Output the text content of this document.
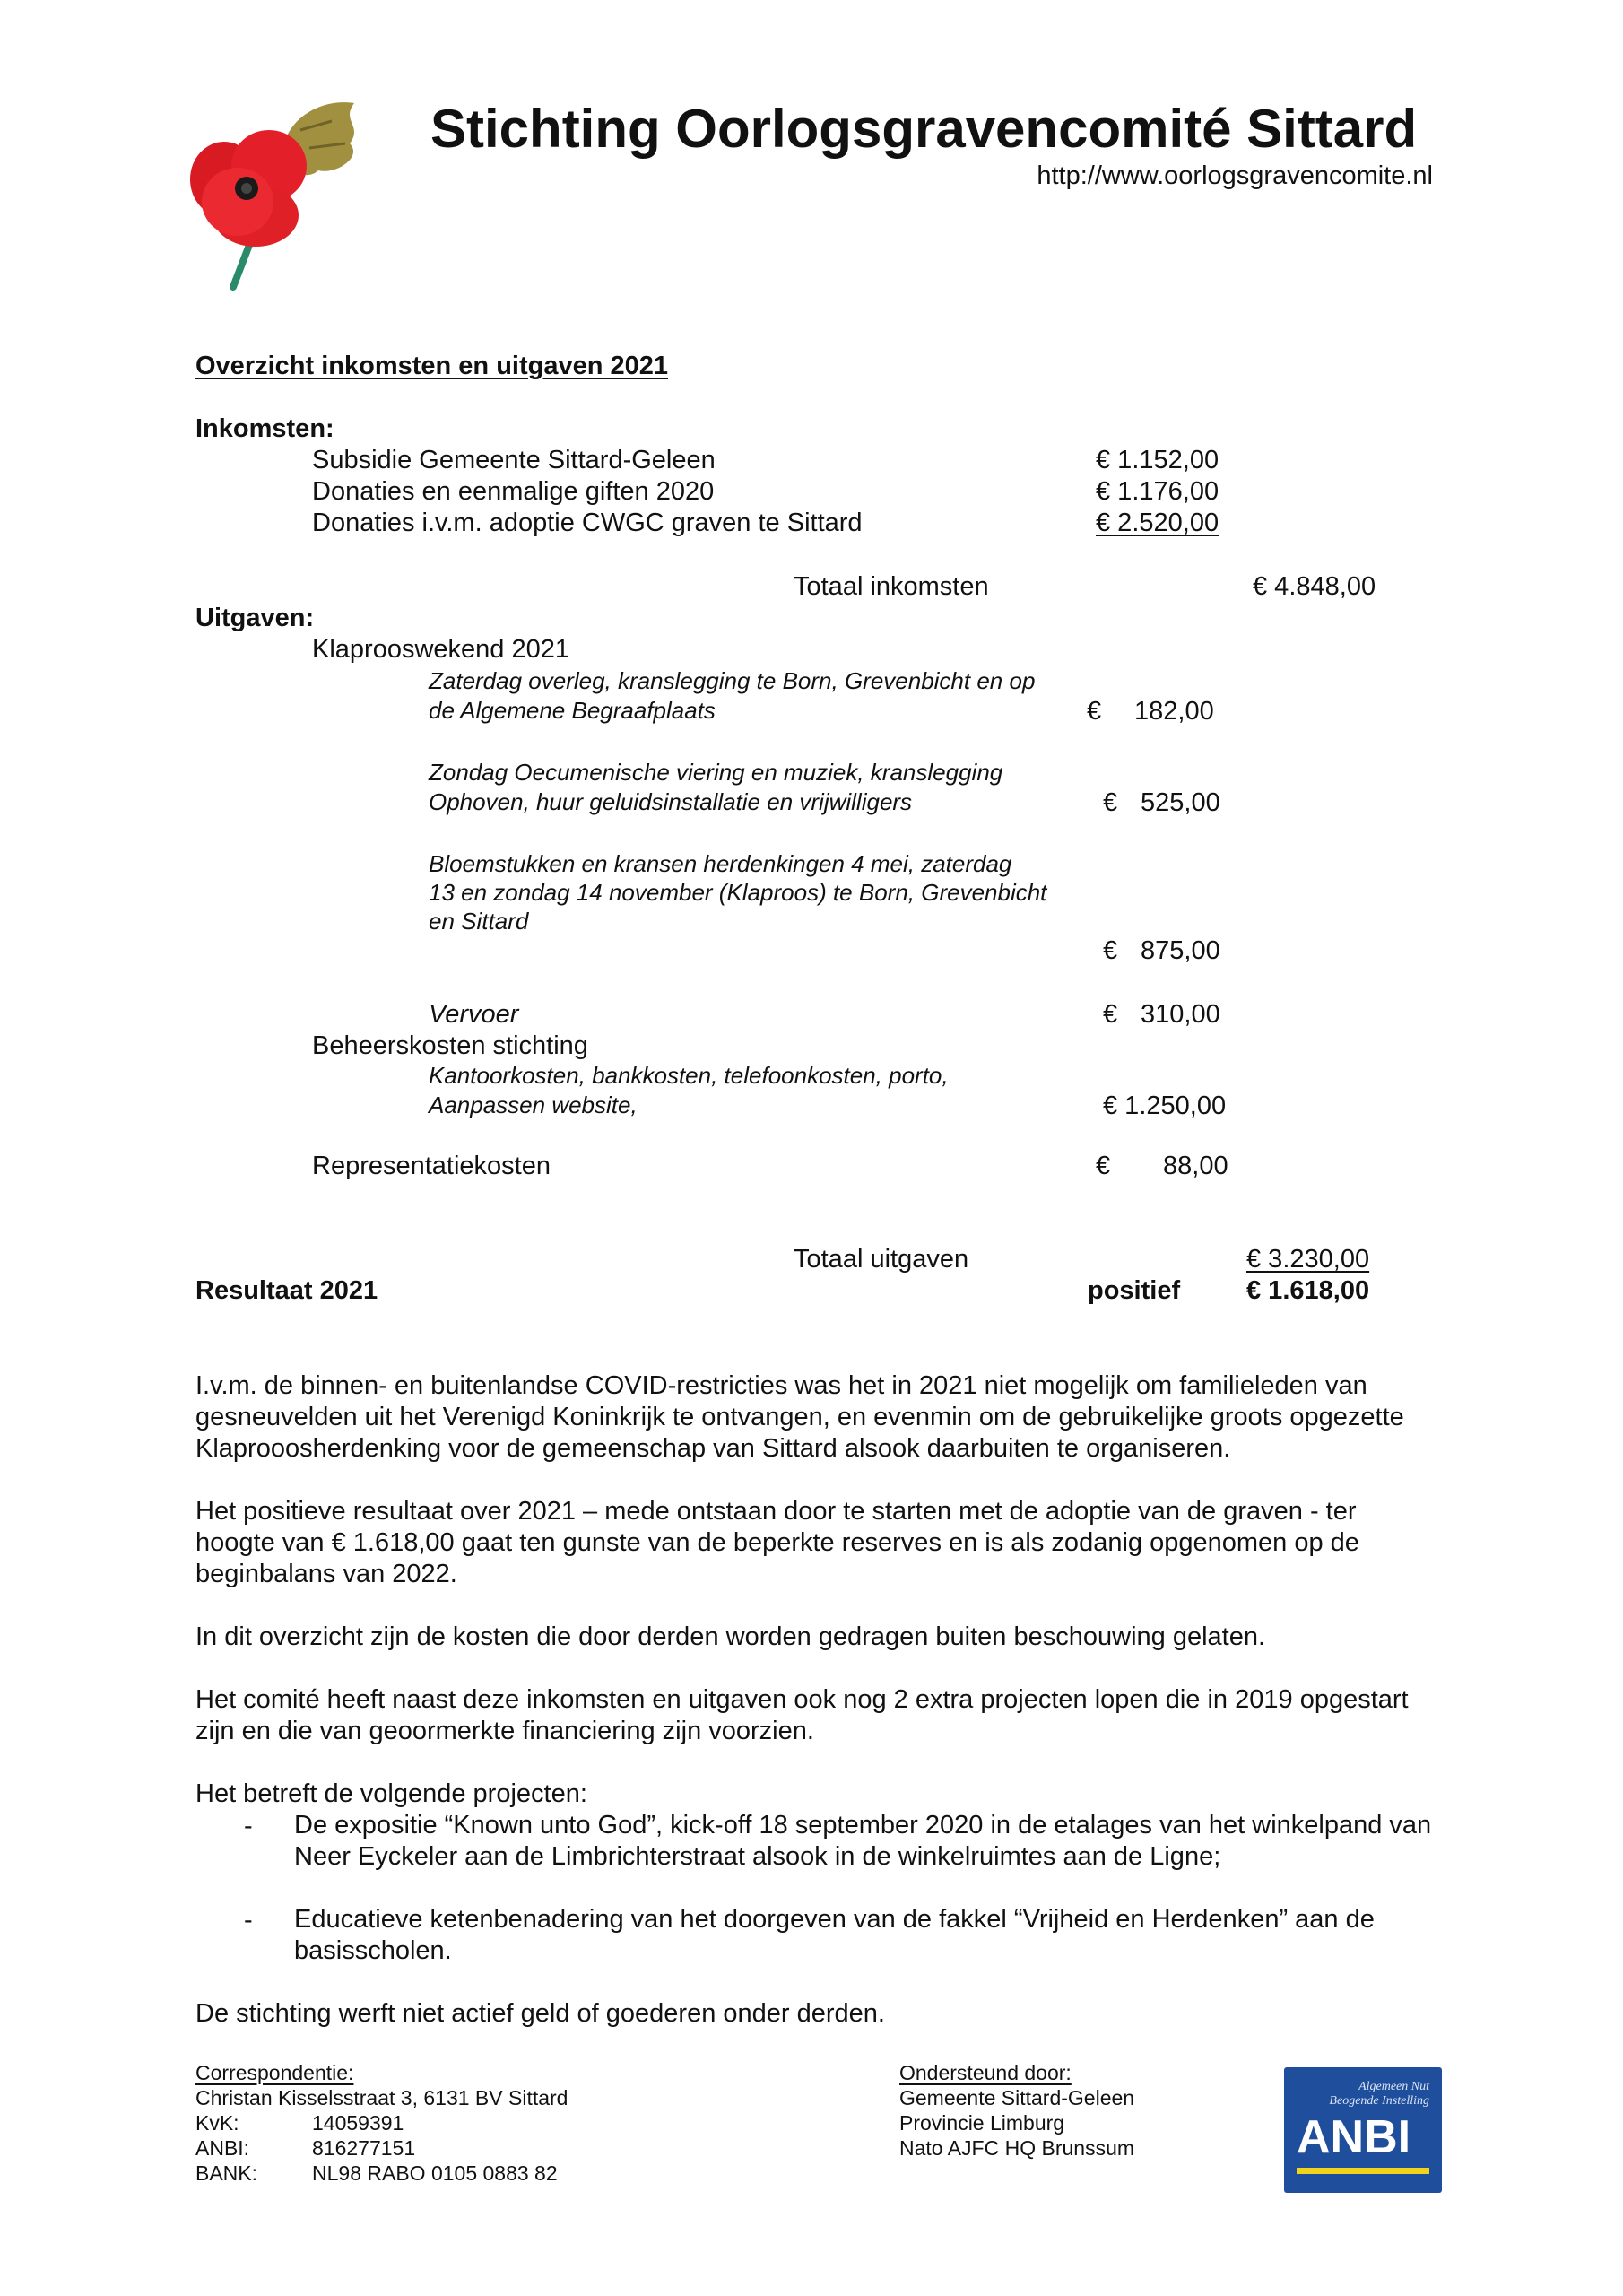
Stichting Oorlogsgravencomité Sittard
http://www.oorlogsgravencomite.nl
Overzicht inkomsten en uitgaven 2021
Inkomsten:
Subsidie Gemeente Sittard-Geleen	€ 1.152,00
Donaties en eenmalige giften 2020	€ 1.176,00
Donaties i.v.m. adoptie CWGC graven te Sittard	€ 2.520,00
Totaal inkomsten	€ 4.848,00
Uitgaven:
Klaprooswekend 2021
Zaterdag overleg, kranslegging te Born, Grevenbicht en op
de Algemene Begraafplaats	€ 182,00
Zondag Oecumenische viering en muziek, kranslegging
Ophoven, huur geluidsinstallatie en vrijwilligers	€ 525,00
Bloemstukken en kransen herdenkingen 4 mei, zaterdag
13 en zondag 14 november (Klaproos) te Born, Grevenbicht
en Sittard
€ 875,00
Vervoer	€ 310,00
Beheerskosten stichting
Kantoorkosten, bankkosten, telefoonkosten, porto,
Aanpassen website,	€ 1.250,00
Representatiekosten	€ 88,00
Totaal uitgaven	€ 3.230,00
Resultaat 2021	positief	€ 1.618,00
I.v.m. de binnen- en buitenlandse COVID-restricties was het in 2021 niet mogelijk om familieleden van gesneuvelden uit het Verenigd Koninkrijk te ontvangen, en evenmin om de gebruikelijke groots opgezette Klaprooosherdenking voor de gemeenschap van Sittard alsook daarbuiten te organiseren.
Het positieve resultaat over 2021 – mede ontstaan door te starten met de adoptie van de graven - ter hoogte van € 1.618,00 gaat ten gunste van de beperkte reserves en is als zodanig opgenomen op de beginbalans van 2022.
In dit overzicht zijn de kosten die door derden worden gedragen buiten beschouwing gelaten.
Het comité heeft naast deze inkomsten en uitgaven ook nog 2 extra projecten lopen die in 2019 opgestart zijn en die van geoormerkte financiering zijn voorzien.
Het betreft de volgende projecten:
- De expositie “Known unto God”, kick-off 18 september 2020 in de etalages van het winkelpand van Neer Eyckeler aan de Limbrichterstraat alsook in de winkelruimtes aan de Ligne;
- Educatieve ketenbenadering van het doorgeven van de fakkel “Vrijheid en Herdenken” aan de basisscholen.
De stichting werft niet actief geld of goederen onder derden.
Correspondentie:
Christan Kisselsstraat 3, 6131 BV Sittard
KvK:	14059391
ANBI:	816277151
BANK:	NL98 RABO 0105 0883 82
Ondersteund door:
Gemeente Sittard-Geleen
Provincie Limburg
Nato AJFC HQ Brunssum
Algemeen Nut
Beogende Instelling
ANBI
